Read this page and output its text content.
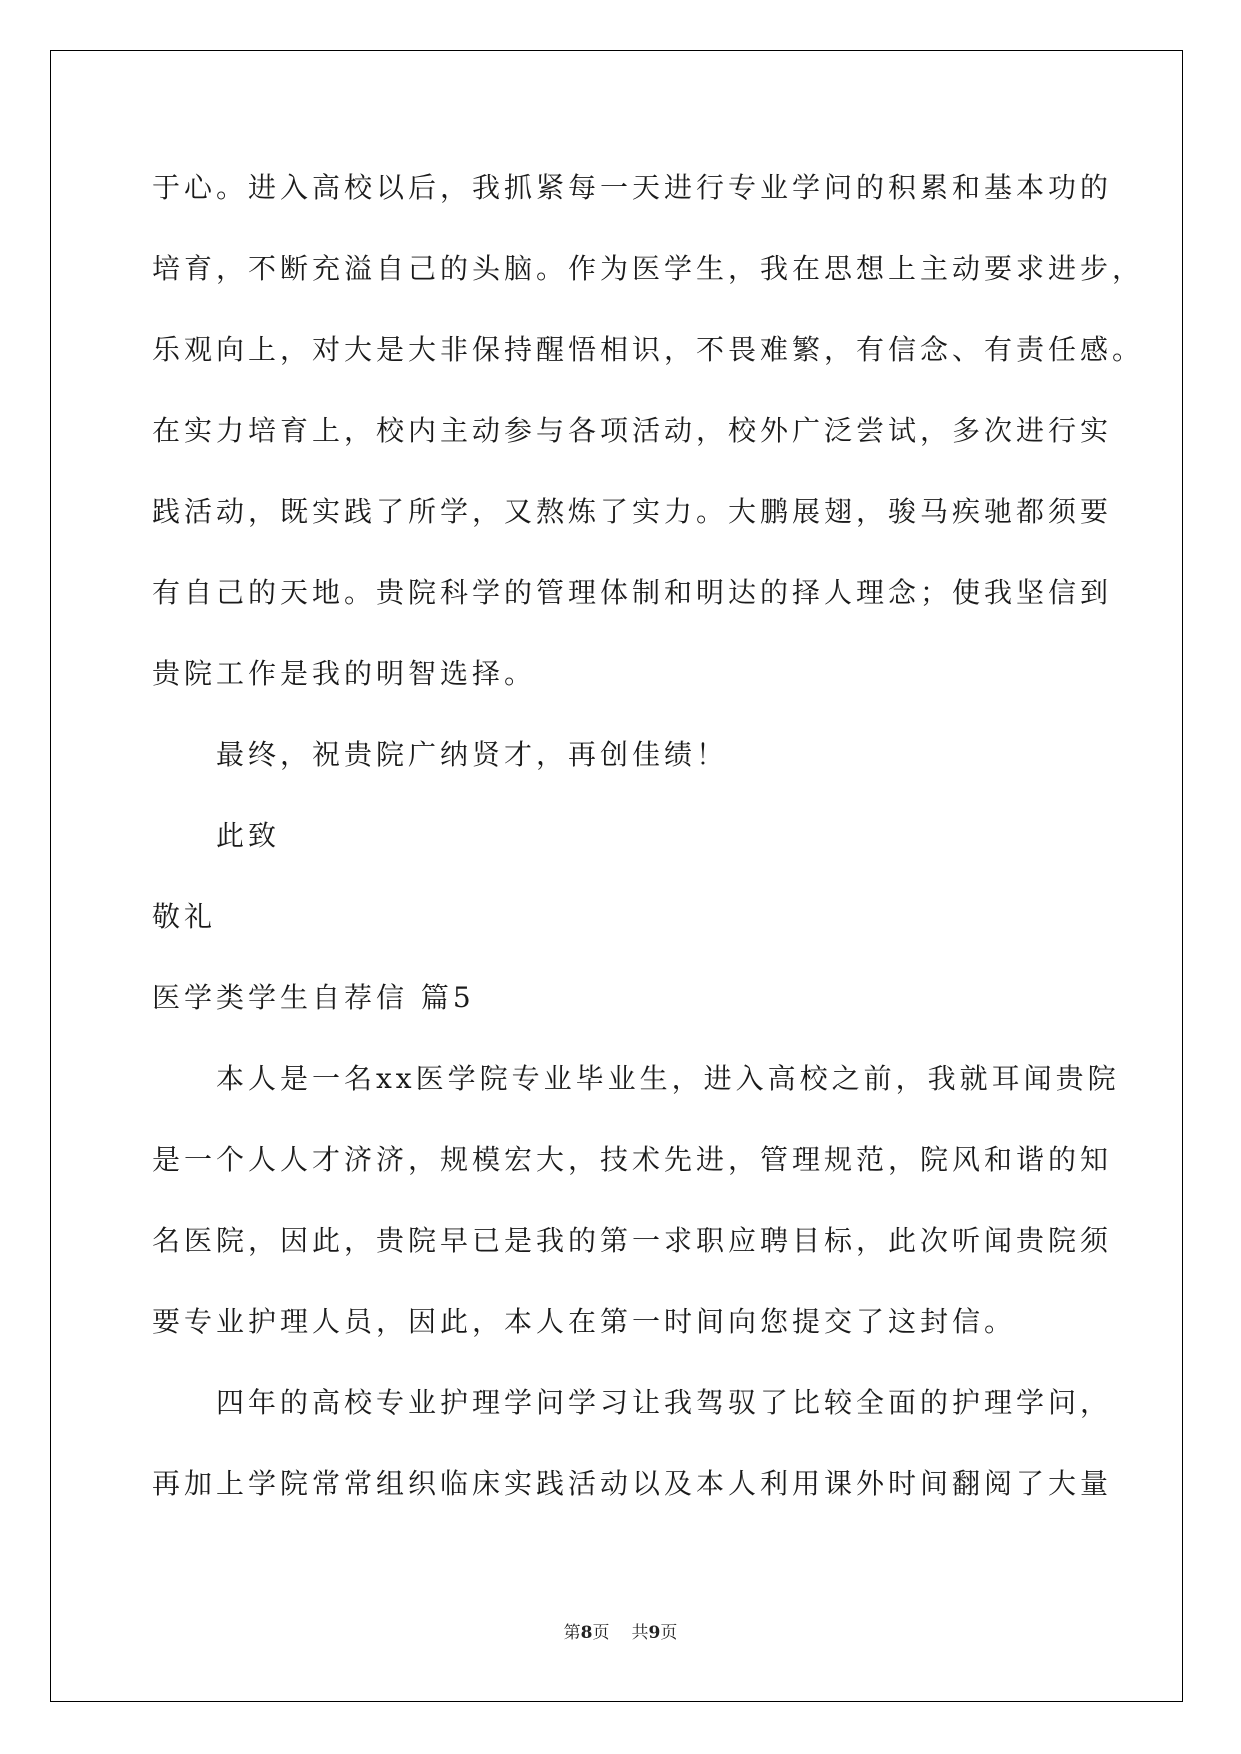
于心。进入高校以后，我抓紧每一天进行专业学问的积累和基本功的
培育，不断充溢自己的头脑。作为医学生，我在思想上主动要求进步，
乐观向上，对大是大非保持醒悟相识，不畏难繁，有信念、有责任感。
在实力培育上，校内主动参与各项活动，校外广泛尝试，多次进行实
践活动，既实践了所学，又熬炼了实力。大鹏展翅，骏马疾驰都须要
有自己的天地。贵院科学的管理体制和明达的择人理念；使我坚信到
贵院工作是我的明智选择。
最终，祝贵院广纳贤才，再创佳绩！
此致
敬礼
医学类学生自荐信 篇5
本人是一名xx医学院专业毕业生，进入高校之前，我就耳闻贵院
是一个人人才济济，规模宏大，技术先进，管理规范，院风和谐的知
名医院，因此，贵院早已是我的第一求职应聘目标，此次听闻贵院须
要专业护理人员，因此，本人在第一时间向您提交了这封信。
四年的高校专业护理学问学习让我驾驭了比较全面的护理学问，
再加上学院常常组织临床实践活动以及本人利用课外时间翻阅了大量
第8页 共9页
